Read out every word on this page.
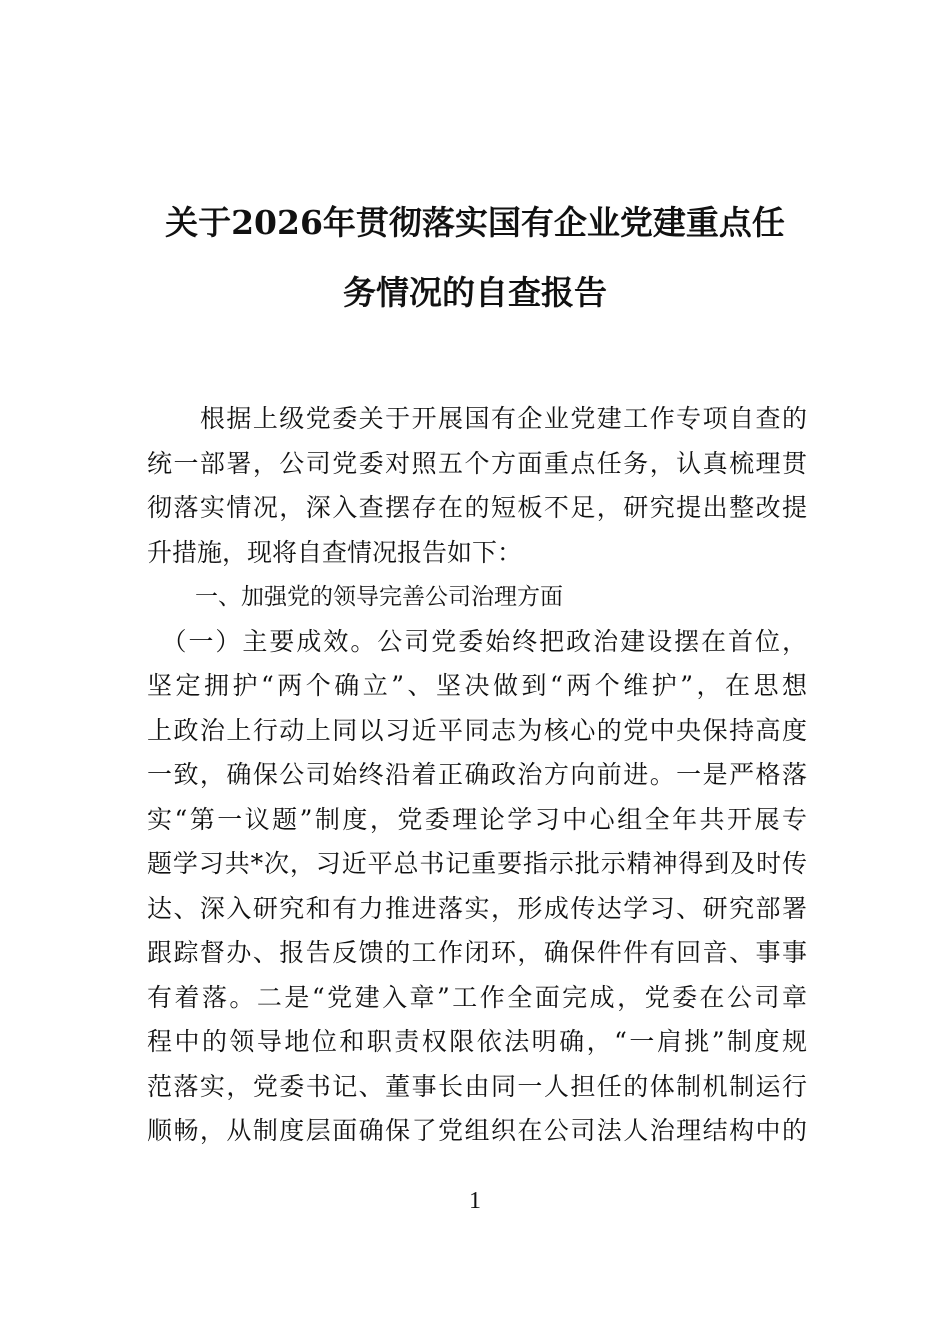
关于2026年贯彻落实国有企业党建重点任
务情况的自查报告
　　根据上级党委关于开展国有企业党建工作专项自查的
统一部署，公司党委对照五个方面重点任务，认真梳理贯
彻落实情况，深入查摆存在的短板不足，研究提出整改提
升措施，现将自查情况报告如下：
一、加强党的领导完善公司治理方面
　（一）主要成效。公司党委始终把政治建设摆在首位，
坚定拥护“两个确立”、坚决做到“两个维护”，在思想
上政治上行动上同以习近平同志为核心的党中央保持高度
一致，确保公司始终沿着正确政治方向前进。一是严格落
实“第一议题”制度，党委理论学习中心组全年共开展专
题学习共*次，习近平总书记重要指示批示精神得到及时传
达、深入研究和有力推进落实，形成传达学习、研究部署
跟踪督办、报告反馈的工作闭环，确保件件有回音、事事
有着落。二是“党建入章”工作全面完成，党委在公司章
程中的领导地位和职责权限依法明确，“一肩挑”制度规
范落实，党委书记、董事长由同一人担任的体制机制运行
顺畅，从制度层面确保了党组织在公司法人治理结构中的
1
